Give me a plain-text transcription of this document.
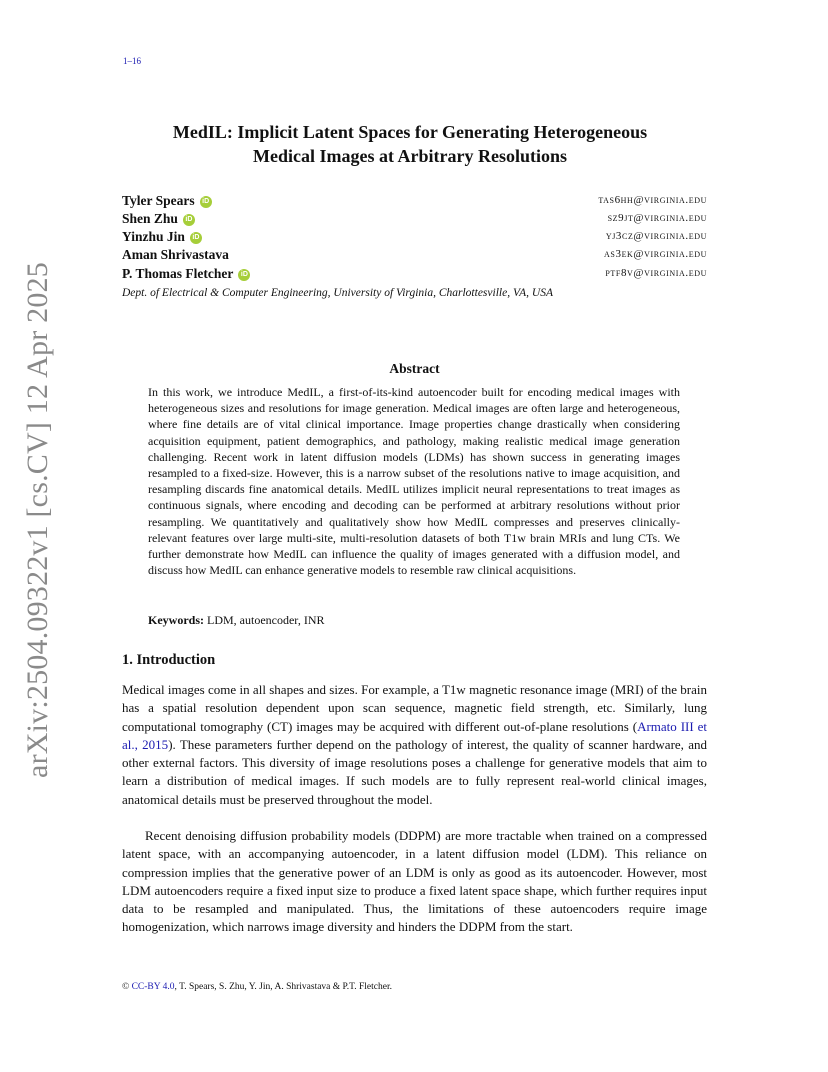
1–16
arXiv:2504.09322v1 [cs.CV] 12 Apr 2025
MedIL: Implicit Latent Spaces for Generating Heterogeneous
Medical Images at Arbitrary Resolutions
Tyler Spears iD	tas6hh@virginia.edu
Shen Zhu iD	sz9jt@virginia.edu
Yinzhu Jin iD	yj3cz@virginia.edu
Aman Shrivastava	as3ek@virginia.edu
P. Thomas Fletcher iD	ptf8v@virginia.edu
Dept. of Electrical & Computer Engineering, University of Virginia, Charlottesville, VA, USA
Abstract
In this work, we introduce MedIL, a first-of-its-kind autoencoder built for encoding medical images with heterogeneous sizes and resolutions for image generation. Medical images are often large and heterogeneous, where fine details are of vital clinical importance. Image properties change drastically when considering acquisition equipment, patient demographics, and pathology, making realistic medical image generation challenging. Recent work in latent diffusion models (LDMs) has shown success in generating images resampled to a fixed-size. However, this is a narrow subset of the resolutions native to image acquisition, and resampling discards fine anatomical details. MedIL utilizes implicit neural representations to treat images as continuous signals, where encoding and decoding can be performed at arbitrary resolutions without prior resampling. We quantitatively and qualitatively show how MedIL compresses and preserves clinically-relevant features over large multi-site, multi-resolution datasets of both T1w brain MRIs and lung CTs. We further demonstrate how MedIL can influence the quality of images generated with a diffusion model, and discuss how MedIL can enhance generative models to resemble raw clinical acquisitions.
Keywords: LDM, autoencoder, INR
1. Introduction
Medical images come in all shapes and sizes. For example, a T1w magnetic resonance image (MRI) of the brain has a spatial resolution dependent upon scan sequence, magnetic field strength, etc. Similarly, lung computational tomography (CT) images may be acquired with different out-of-plane resolutions (Armato III et al., 2015). These parameters further depend on the pathology of interest, the quality of scanner hardware, and other external factors. This diversity of image resolutions poses a challenge for generative models that aim to learn a distribution of medical images. If such models are to fully represent real-world clinical images, anatomical details must be preserved throughout the model.
Recent denoising diffusion probability models (DDPM) are more tractable when trained on a compressed latent space, with an accompanying autoencoder, in a latent diffusion model (LDM). This reliance on compression implies that the generative power of an LDM is only as good as its autoencoder. However, most LDM autoencoders require a fixed input size to produce a fixed latent space shape, which further requires input data to be resampled and manipulated. Thus, the limitations of these autoencoders require image homogenization, which narrows image diversity and hinders the DDPM from the start.
© CC-BY 4.0, T. Spears, S. Zhu, Y. Jin, A. Shrivastava & P.T. Fletcher.
